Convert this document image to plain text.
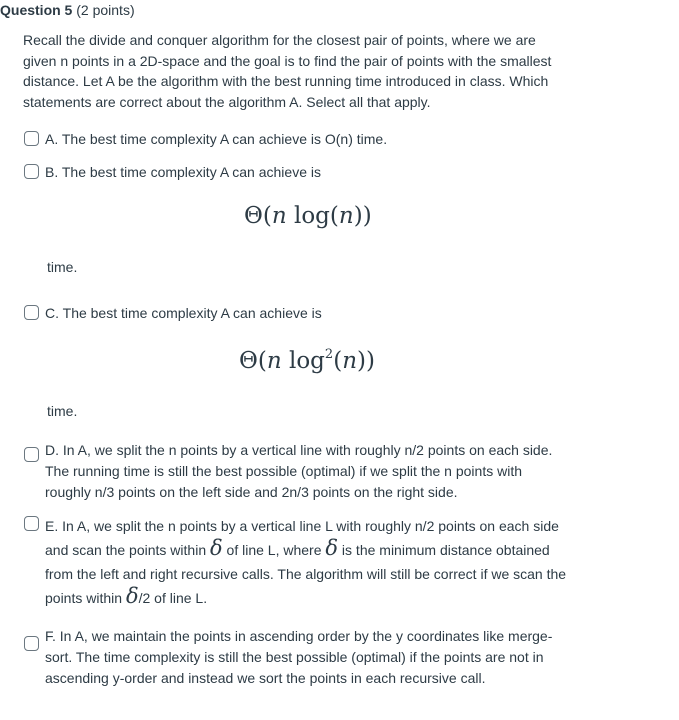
Question 5 (2 points)

Recall the divide and conquer algorithm for the closest pair of points, where we are given n points in a 2D-space and the goal is to find the pair of points with the smallest distance. Let A be the algorithm with the best running time introduced in class. Which statements are correct about the algorithm A. Select all that apply.

A. The best time complexity A can achieve is O(n) time.
B. The best time complexity A can achieve is
Θ(n log(n))
time.
C. The best time complexity A can achieve is
Θ(n $\log^2(n)$)
time.
D. In A, we split the n points by a vertical line with roughly n/2 points on each side. The running time is still the best possible (optimal) if we split the n points with roughly n/3 points on the left side and 2n/3 points on the right side.
E. In A, we split the n points by a vertical line L with roughly n/2 points on each side and scan the points within δ of line L, where δ is the minimum distance obtained from the left and right recursive calls. The algorithm will still be correct if we scan the points within δ/2 of line L.
F. In A, we maintain the points in ascending order by the y coordinates like merge-sort. The time complexity is still the best possible (optimal) if the points are not in ascending y-order and instead we sort the points in each recursive call.
